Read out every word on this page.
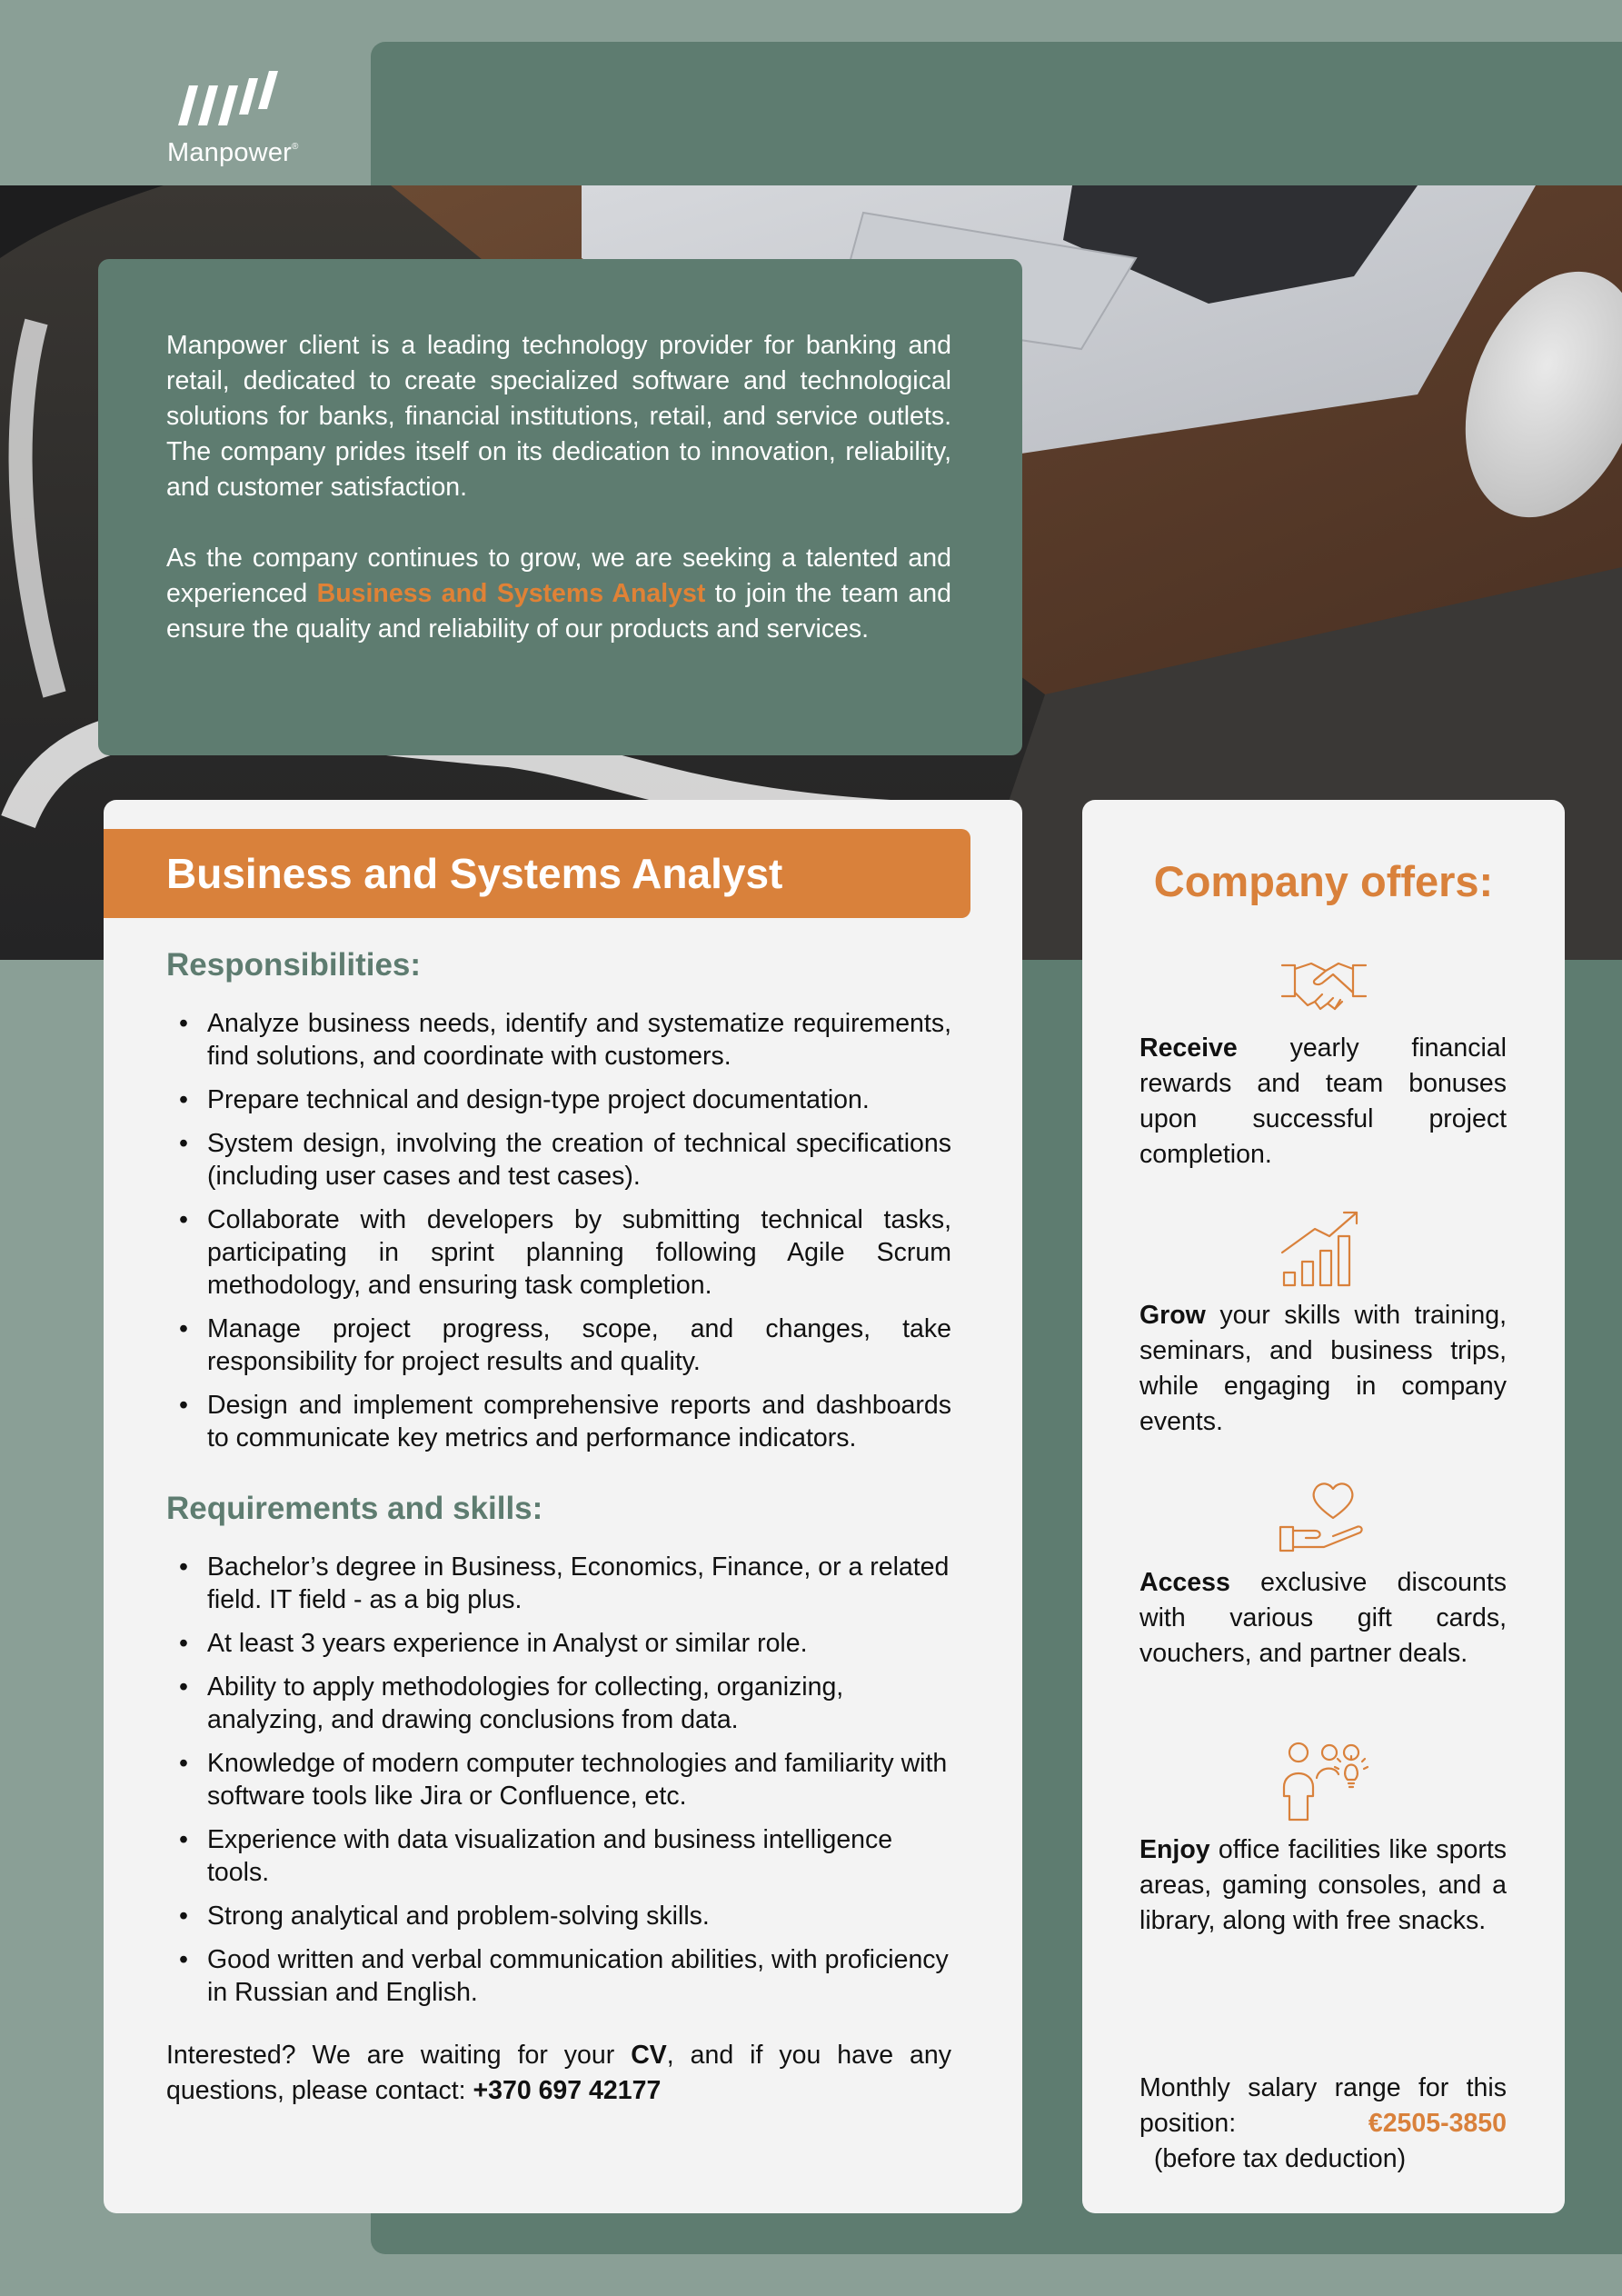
Manpower®

Manpower client is a leading technology provider for banking and retail, dedicated to create specialized software and technological solutions for banks, financial institutions, retail, and service outlets. The company prides itself on its dedication to innovation, reliability, and customer satisfaction.

As the company continues to grow, we are seeking a talented and experienced Business and Systems Analyst to join the team and ensure the quality and reliability of our products and services.

Business and Systems Analyst
Responsibilities:
• Analyze business needs, identify and systematize requirements, find solutions, and coordinate with customers.
• Prepare technical and design-type project documentation.
• System design, involving the creation of technical specifications (including user cases and test cases).
• Collaborate with developers by submitting technical tasks, participating in sprint planning following Agile Scrum methodology, and ensuring task completion.
• Manage project progress, scope, and changes, take responsibility for project results and quality.
• Design and implement comprehensive reports and dashboards to communicate key metrics and performance indicators.
Requirements and skills:
• Bachelor’s degree in Business, Economics, Finance, or a related field. IT field - as a big plus.
• At least 3 years experience in Analyst or similar role.
• Ability to apply methodologies for collecting, organizing, analyzing, and drawing conclusions from data.
• Knowledge of modern computer technologies and familiarity with software tools like Jira or Confluence, etc.
• Experience with data visualization and business intelligence tools.
• Strong analytical and problem-solving skills.
• Good written and verbal communication abilities, with proficiency in Russian and English.

Interested? We are waiting for your CV, and if you have any questions, please contact: +370 697 42177

Company offers:

Receive yearly financial rewards and team bonuses upon successful project completion.

Grow your skills with training, seminars, and business trips, while engaging in company events.

Access exclusive discounts with various gift cards, vouchers, and partner deals.

Enjoy office facilities like sports areas, gaming consoles, and a library, along with free snacks.

Monthly salary range for this position: €2505-3850  (before tax deduction)
